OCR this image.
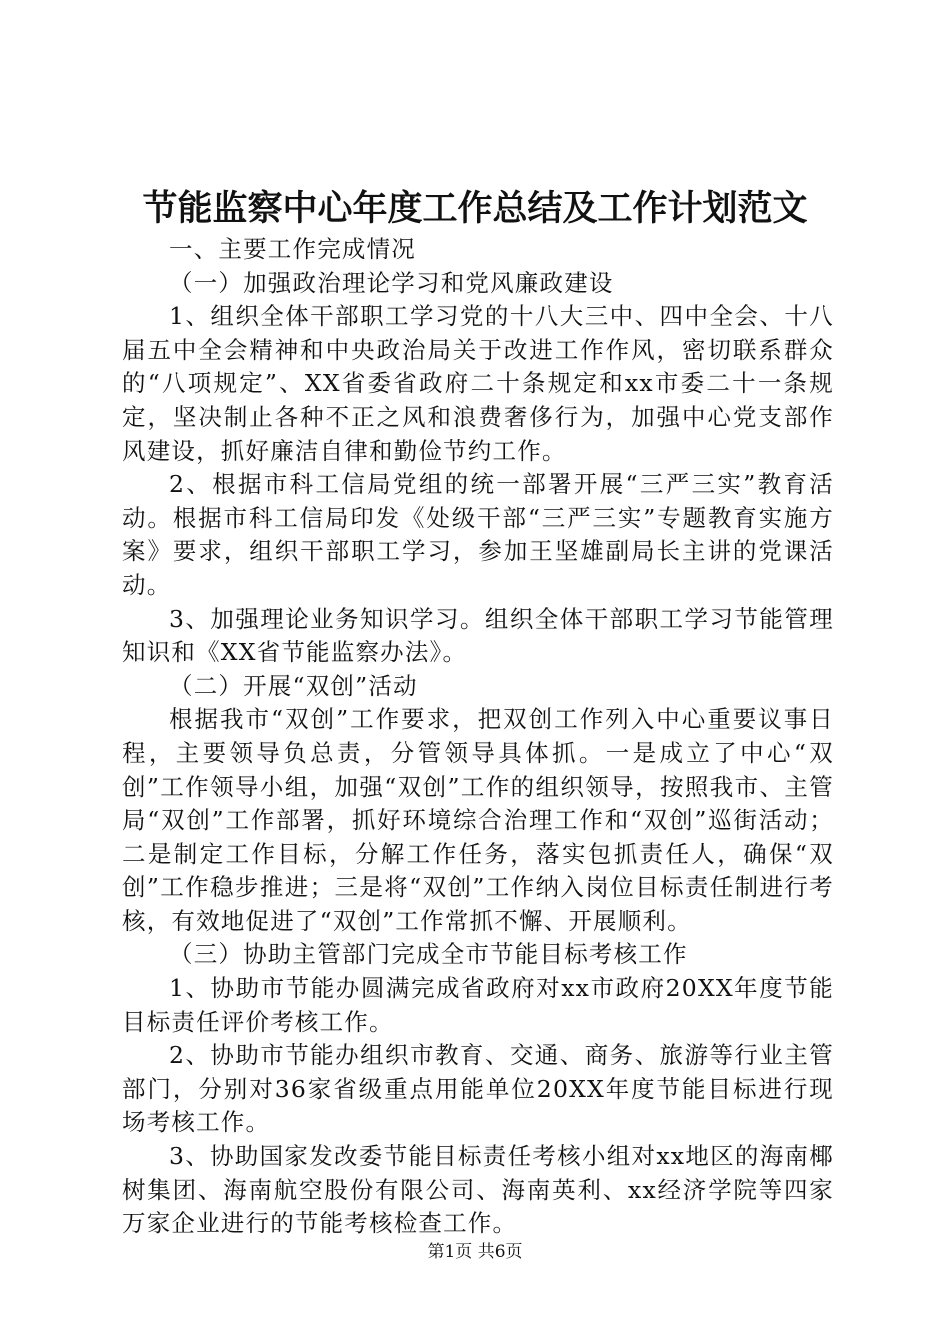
节能监察中心年度工作总结及工作计划范文

一、主要工作完成情况

（一）加强政治理论学习和党风廉政建设

1、组织全体干部职工学习党的十八大三中、四中全会、十八届五中全会精神和中央政治局关于改进工作作风，密切联系群众的“八项规定”、XX省委省政府二十条规定和xx市委二十一条规定，坚决制止各种不正之风和浪费奢侈行为，加强中心党支部作风建设，抓好廉洁自律和勤俭节约工作。

2、根据市科工信局党组的统一部署开展“三严三实”教育活动。根据市科工信局印发《处级干部“三严三实”专题教育实施方案》要求，组织干部职工学习，参加王坚雄副局长主讲的党课活动。

3、加强理论业务知识学习。组织全体干部职工学习节能管理知识和《XX省节能监察办法》。

（二）开展“双创”活动

根据我市“双创”工作要求，把双创工作列入中心重要议事日程，主要领导负总责，分管领导具体抓。一是成立了中心“双创”工作领导小组，加强“双创”工作的组织领导，按照我市、主管局“双创”工作部署，抓好环境综合治理工作和“双创”巡街活动；二是制定工作目标，分解工作任务，落实包抓责任人，确保“双创”工作稳步推进；三是将“双创”工作纳入岗位目标责任制进行考核，有效地促进了“双创”工作常抓不懈、开展顺利。

（三）协助主管部门完成全市节能目标考核工作

1、协助市节能办圆满完成省政府对xx市政府20XX年度节能目标责任评价考核工作。

2、协助市节能办组织市教育、交通、商务、旅游等行业主管部门，分别对36家省级重点用能单位20XX年度节能目标进行现场考核工作。

3、协助国家发改委节能目标责任考核小组对xx地区的海南椰树集团、海南航空股份有限公司、海南英利、xx经济学院等四家万家企业进行的节能考核检查工作。

第1页 共6页
